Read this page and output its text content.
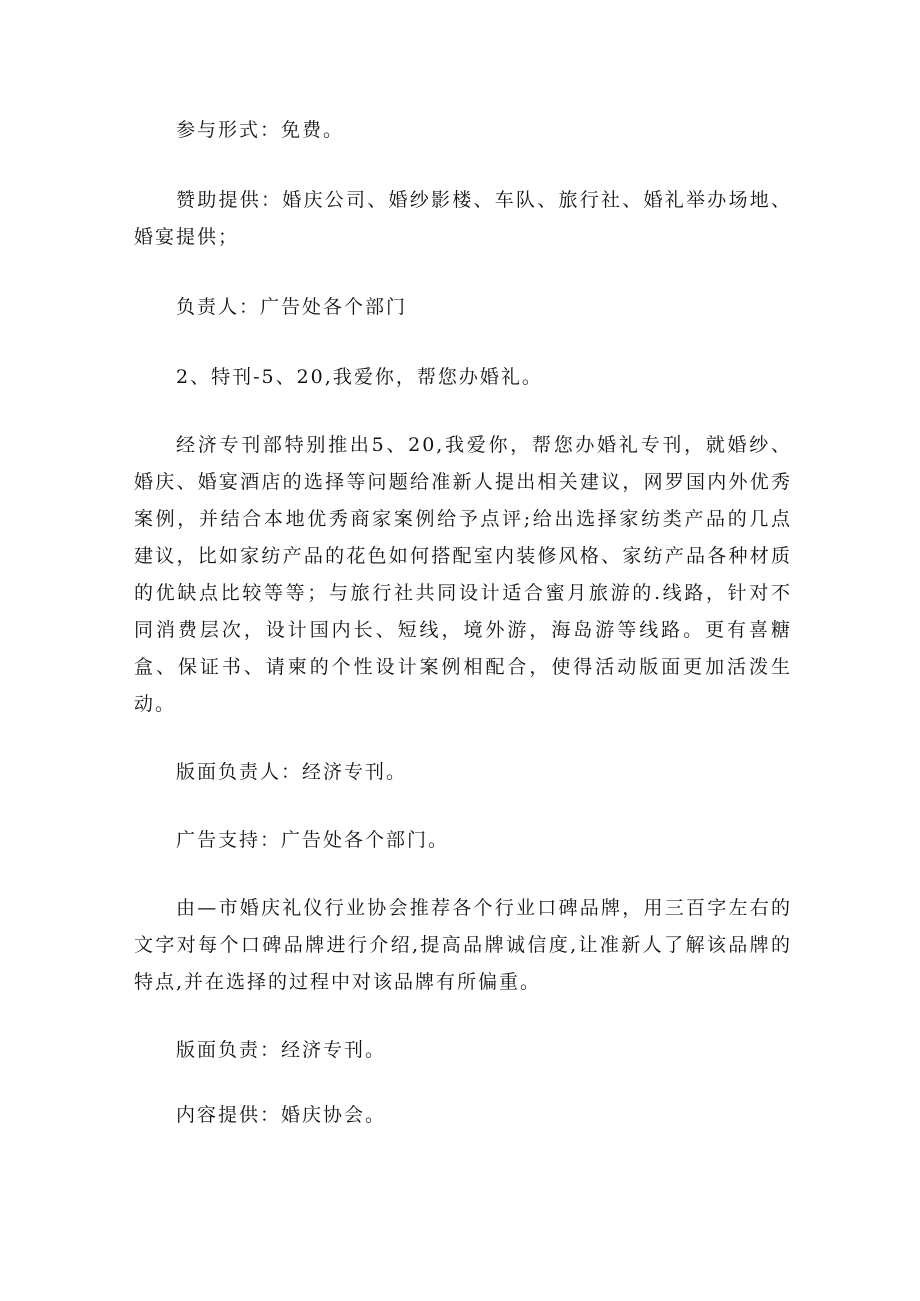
参与形式：免费。

赞助提供：婚庆公司、婚纱影楼、车队、旅行社、婚礼举办场地、婚宴提供；

负责人：广告处各个部门

2、特刊-5、20,我爱你，帮您办婚礼。

经济专刊部特别推出5、20,我爱你，帮您办婚礼专刊，就婚纱、婚庆、婚宴酒店的选择等问题给准新人提出相关建议，网罗国内外优秀案例，并结合本地优秀商家案例给予点评;给出选择家纺类产品的几点建议，比如家纺产品的花色如何搭配室内装修风格、家纺产品各种材质的优缺点比较等等；与旅行社共同设计适合蜜月旅游的.线路，针对不同消费层次，设计国内长、短线，境外游，海岛游等线路。更有喜糖盒、保证书、请柬的个性设计案例相配合，使得活动版面更加活泼生动。

版面负责人：经济专刊。

广告支持：广告处各个部门。

由—市婚庆礼仪行业协会推荐各个行业口碑品牌，用三百字左右的文字对每个口碑品牌进行介绍,提高品牌诚信度,让准新人了解该品牌的特点,并在选择的过程中对该品牌有所偏重。

版面负责：经济专刊。

内容提供：婚庆协会。
